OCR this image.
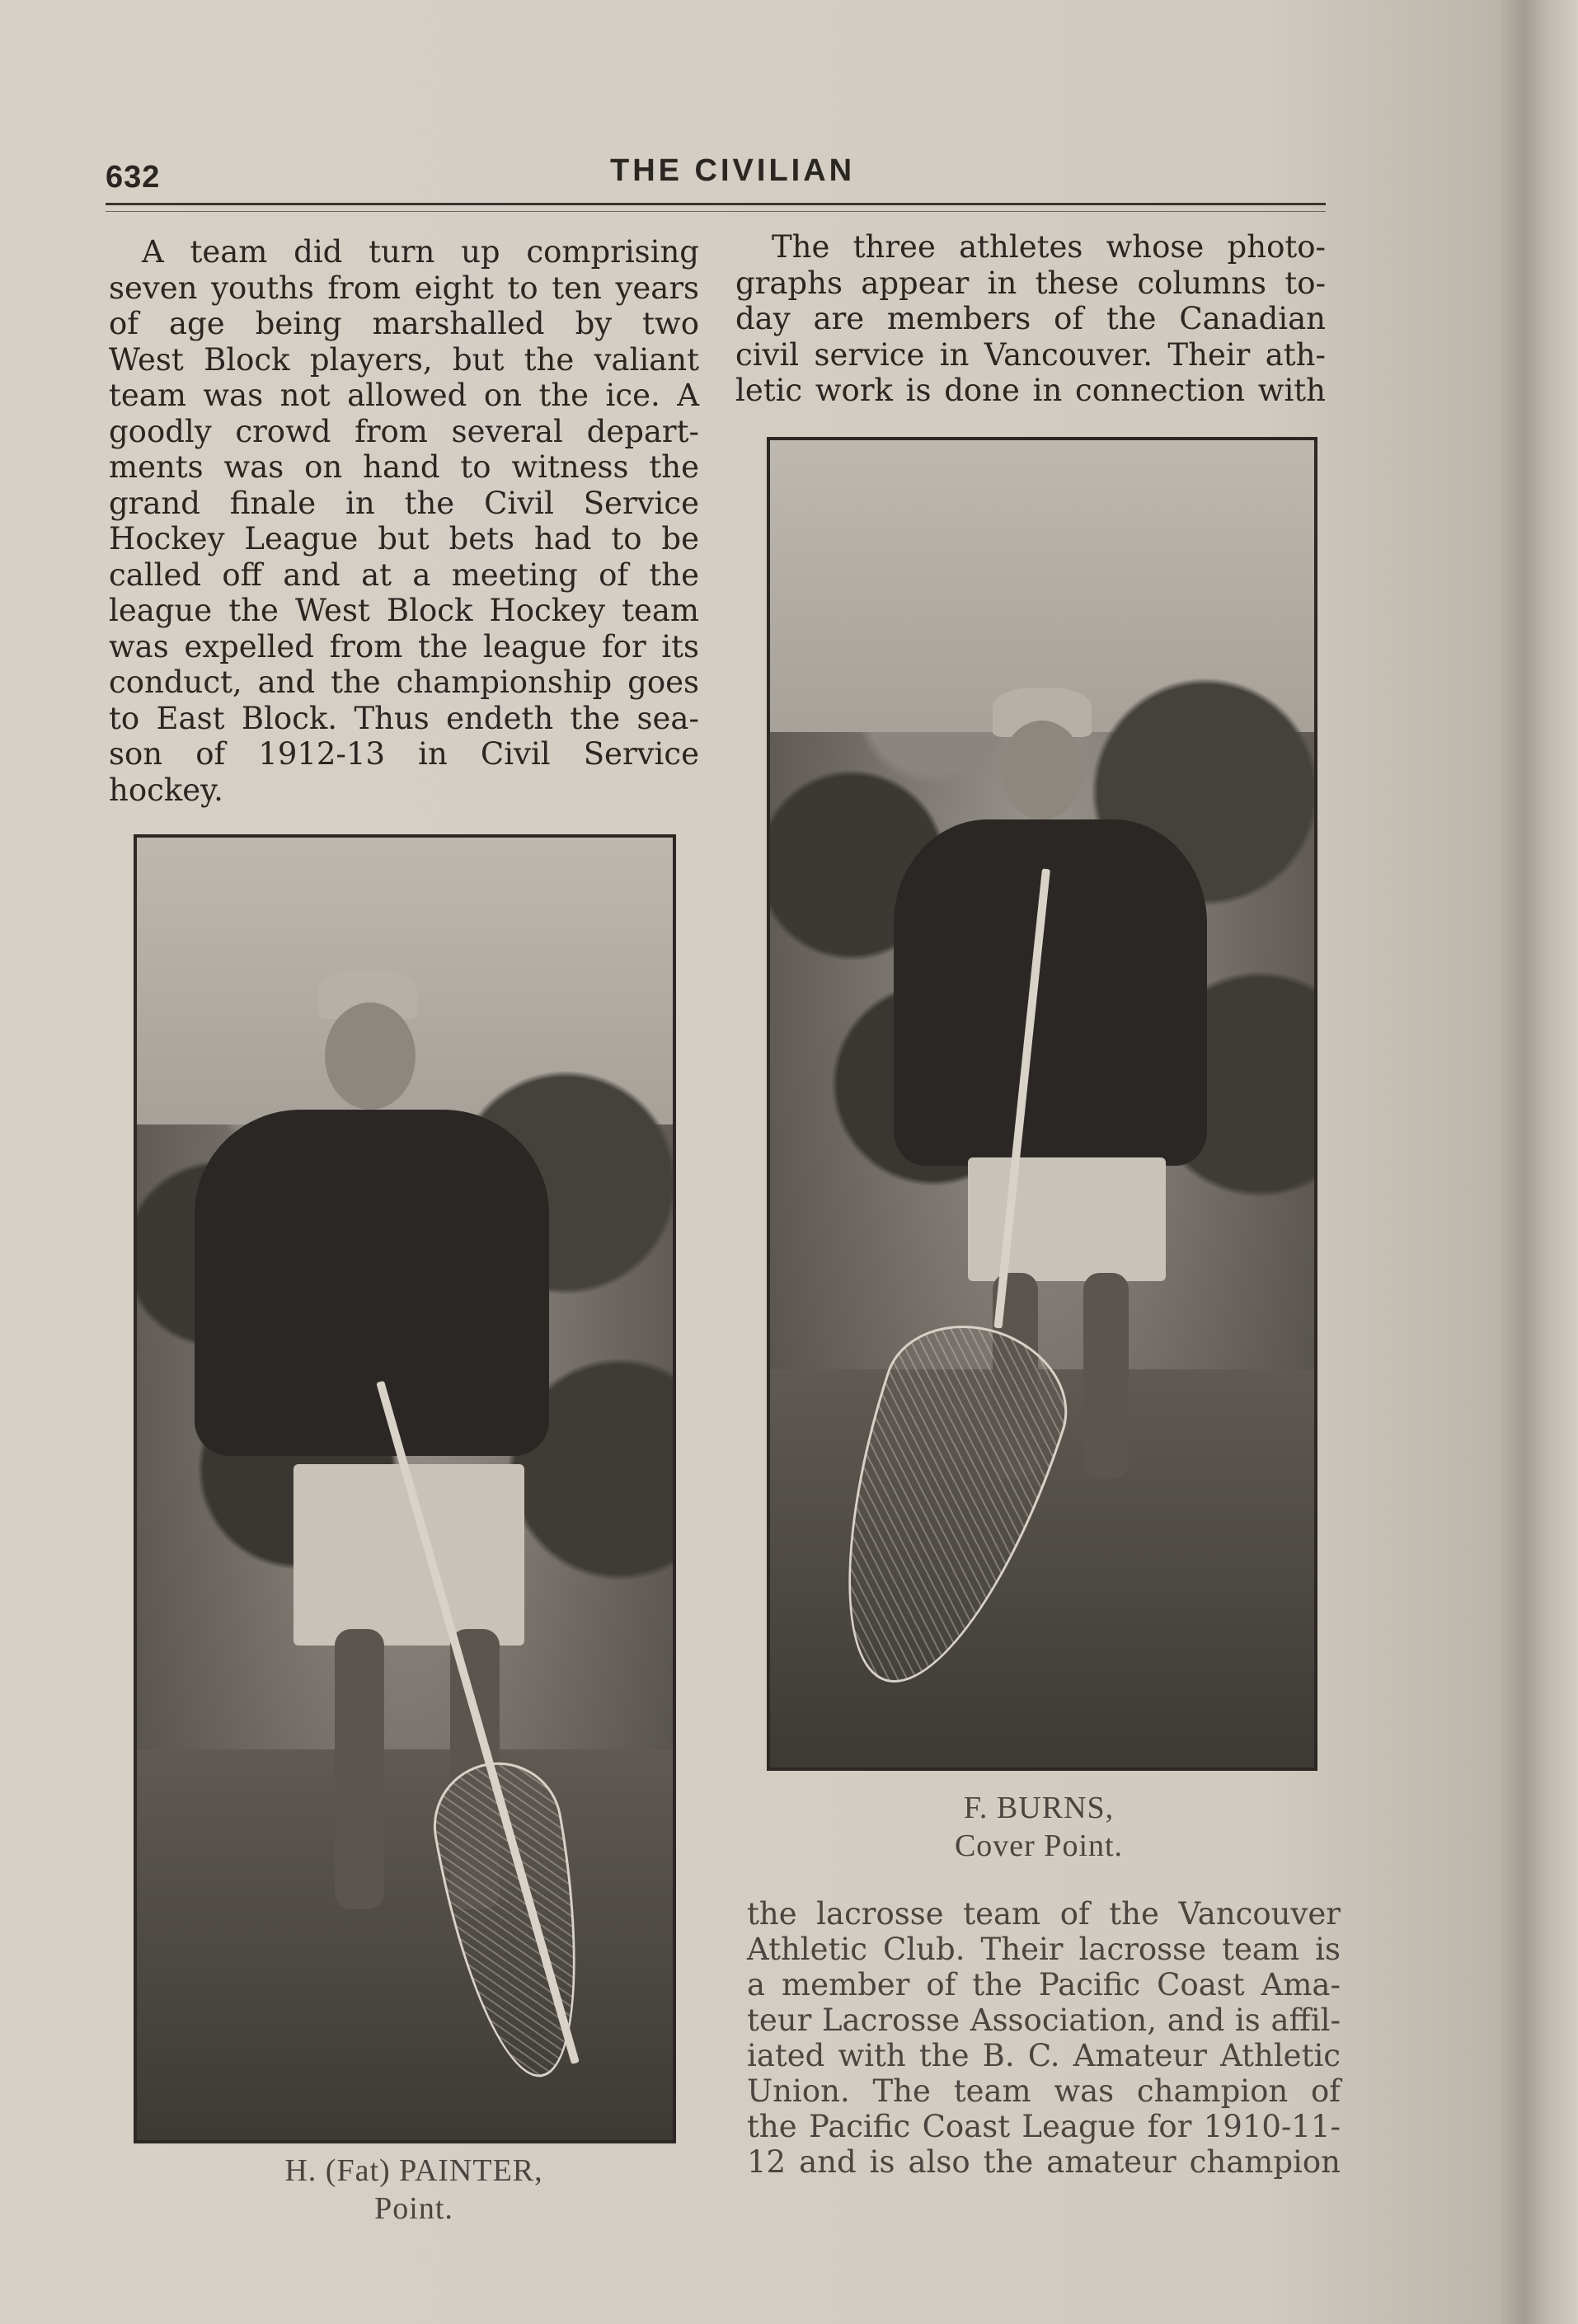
632	THE CIVILIAN
A team did turn up comprising
seven youths from eight to ten years
of age being marshalled by two
West Block players, but the valiant
team was not allowed on the ice. A
goodly crowd from several depart-
ments was on hand to witness the
grand finale in the Civil Service
Hockey League but bets had to be
called off and at a meeting of the
league the West Block Hockey team
was expelled from the league for its
conduct, and the championship goes
to East Block. Thus endeth the sea-
son of 1912-13 in Civil Service
hockey.
The three athletes whose photo-
graphs appear in these columns to-
day are members of the Canadian
civil service in Vancouver. Their ath-
letic work is done in connection with
F. BURNS,
Cover Point.
the lacrosse team of the Vancouver
Athletic Club. Their lacrosse team is
a member of the Pacific Coast Ama-
teur Lacrosse Association, and is affil-
iated with the B. C. Amateur Athletic
Union. The team was champion of
the Pacific Coast League for 1910-11-
12 and is also the amateur champion
H. (Fat) PAINTER,
Point.
